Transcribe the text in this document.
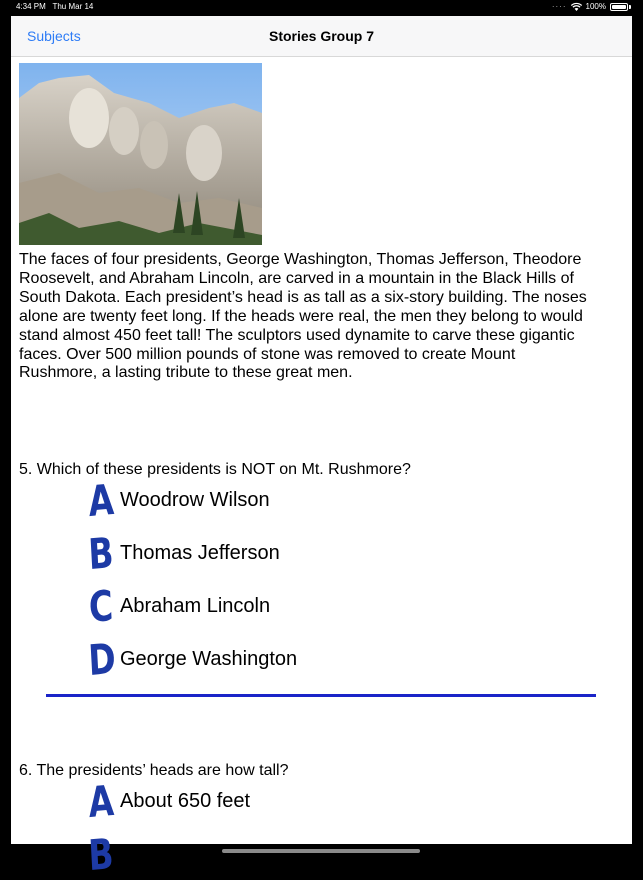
4:34 PM Thu Mar 14	···· 100%
Subjects	Stories Group 7
The faces of four presidents, George Washington, Thomas Jefferson, Theodore Roosevelt, and Abraham Lincoln, are carved in a mountain in the Black Hills of South Dakota. Each president’s head is as tall as a six-story building. The noses alone are twenty feet long. If the heads were real, the men they belong to would stand almost 450 feet tall! The sculptors used dynamite to carve these gigantic faces. Over 500 million pounds of stone was removed to create Mount Rushmore, a lasting tribute to these great men.
5. Which of these presidents is NOT on Mt. Rushmore?
A Woodrow Wilson
B Thomas Jefferson
C Abraham Lincoln
D George Washington
6. The presidents’ heads are how tall?
A About 650 feet
B
